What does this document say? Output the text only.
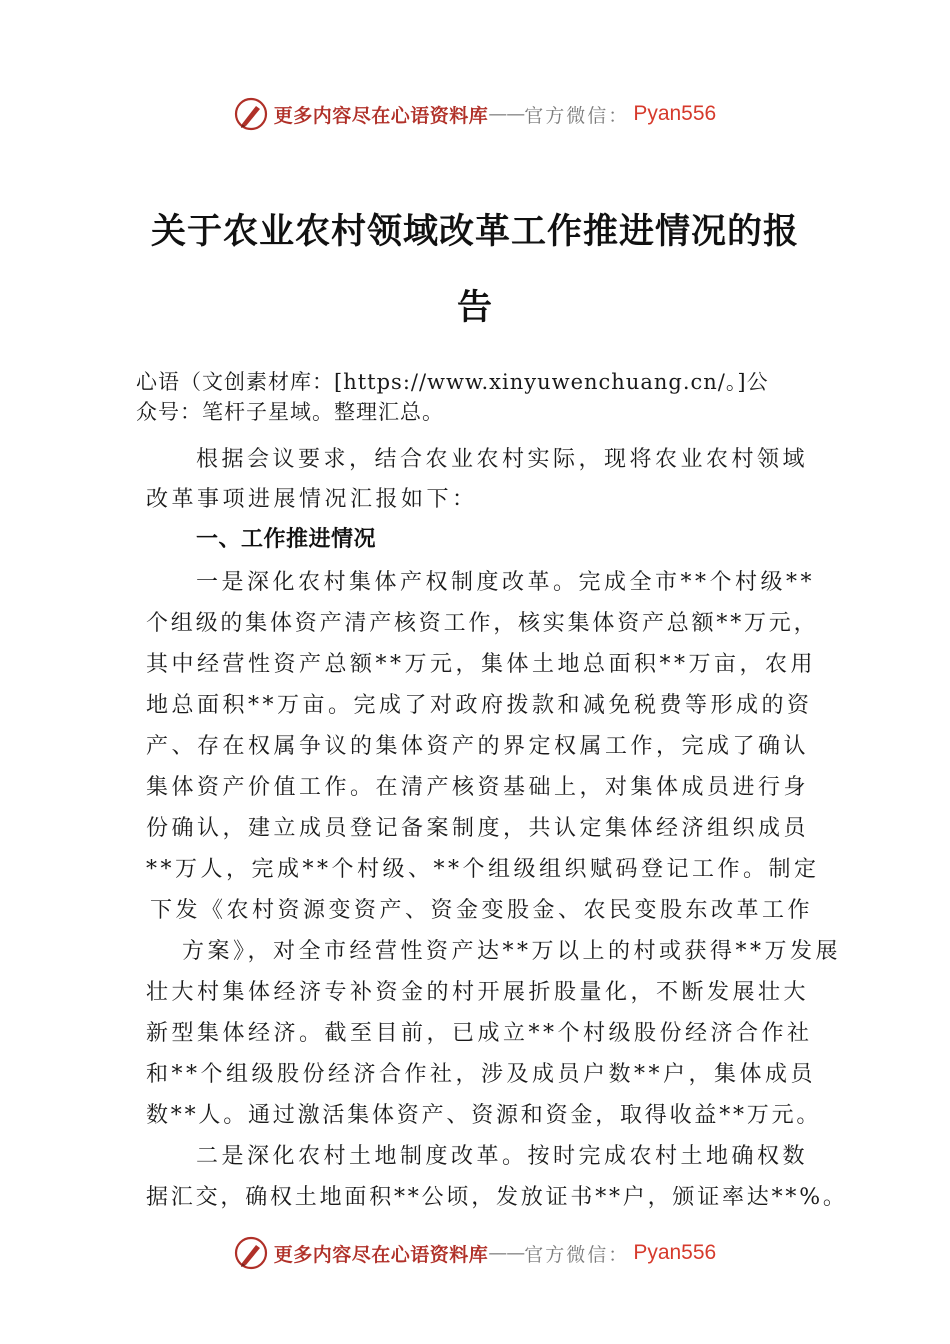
更多内容尽在心语资料库 —— 官方微信： Pyan556
关于农业农村领域改革工作推进情况的报
告

心语（文创素材库：[https://www.xinyuwenchuang.cn/。]公

众号：笔杆子星域。整理汇总。

根据会议要求，结合农业农村实际，现将农业农村领域

改革事项进展情况汇报如下：

一、工作推进情况

一是深化农村集体产权制度改革。完成全市**个村级**

个组级的集体资产清产核资工作，核实集体资产总额**万元，

其中经营性资产总额**万元，集体土地总面积**万亩，农用

地总面积**万亩。完成了对政府拨款和减免税费等形成的资

产、存在权属争议的集体资产的界定权属工作，完成了确认

集体资产价值工作。在清产核资基础上，对集体成员进行身

份确认，建立成员登记备案制度，共认定集体经济组织成员

**万人，完成**个村级、**个组级组织赋码登记工作。制定

下发《农村资源变资产、资金变股金、农民变股东改革工作

方案》，对全市经营性资产达**万以上的村或获得**万发展

壮大村集体经济专补资金的村开展折股量化，不断发展壮大

新型集体经济。截至目前，已成立**个村级股份经济合作社

和**个组级股份经济合作社，涉及成员户数**户，集体成员

数**人。通过激活集体资产、资源和资金，取得收益**万元。

二是深化农村土地制度改革。按时完成农村土地确权数

据汇交，确权土地面积**公顷，发放证书**户，颁证率达**%。

更多内容尽在心语资料库 —— 官方微信： Pyan556
